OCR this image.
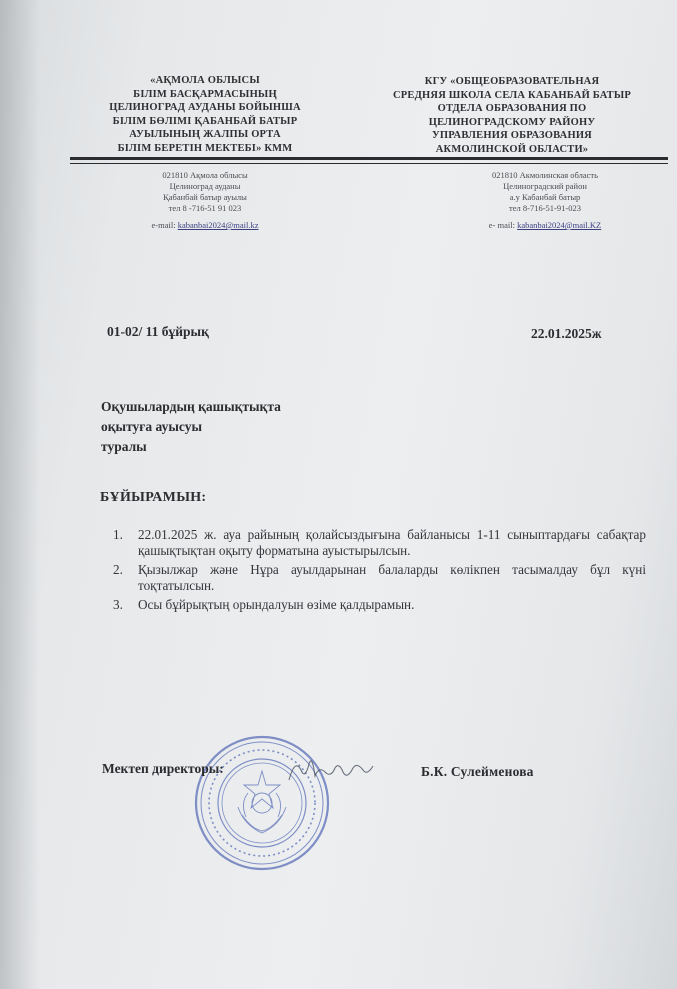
«АҚМОЛА ОБЛЫСЫ
БІЛІМ БАСҚАРМАСЫНЫҢ
ЦЕЛИНОГРАД АУДАНЫ БОЙЫНША
БІЛІМ БӨЛІМІ ҚАБАНБАЙ БАТЫР
АУЫЛЫНЫҢ ЖАЛПЫ ОРТА
БІЛІМ БЕРЕТІН МЕКТЕБІ» КММ
КГУ «ОБЩЕОБРАЗОВАТЕЛЬНАЯ
СРЕДНЯЯ ШКОЛА СЕЛА КАБАНБАЙ БАТЫР
ОТДЕЛА ОБРАЗОВАНИЯ ПО
ЦЕЛИНОГРАДСКОМУ РАЙОНУ
УПРАВЛЕНИЯ ОБРАЗОВАНИЯ
АКМОЛИНСКОЙ ОБЛАСТИ»
021810 Ақмола облысы
Целиноград ауданы
Қабанбай батыр ауылы
тел 8 -716-51 91 023
e-mail: kabanbai2024@mail.kz
021810 Акмолинская область
Целиноградский район
а.у Кабанбай батыр
тел 8-716-51-91-023
e- mail: kabanbai2024@mail.KZ
01-02/ 11 бұйрық	22.01.2025ж
Оқушылардың қашықтықта
оқытуға ауысуы
туралы
БҰЙЫРАМЫН:
1.	22.01.2025 ж. ауа райының қолайсыздығына байланысы 1-11 сыныптардағы сабақтар қашықтықтан оқыту форматына ауыстырылсын.
2.	Қызылжар және Нұра ауылдарынан балаларды көлікпен тасымалдау бұл күні тоқтатылсын.
3.	Осы бұйрықтың орындалуын өзіме қалдырамын.
Мектеп директоры:	Б.К. Сулейменова
